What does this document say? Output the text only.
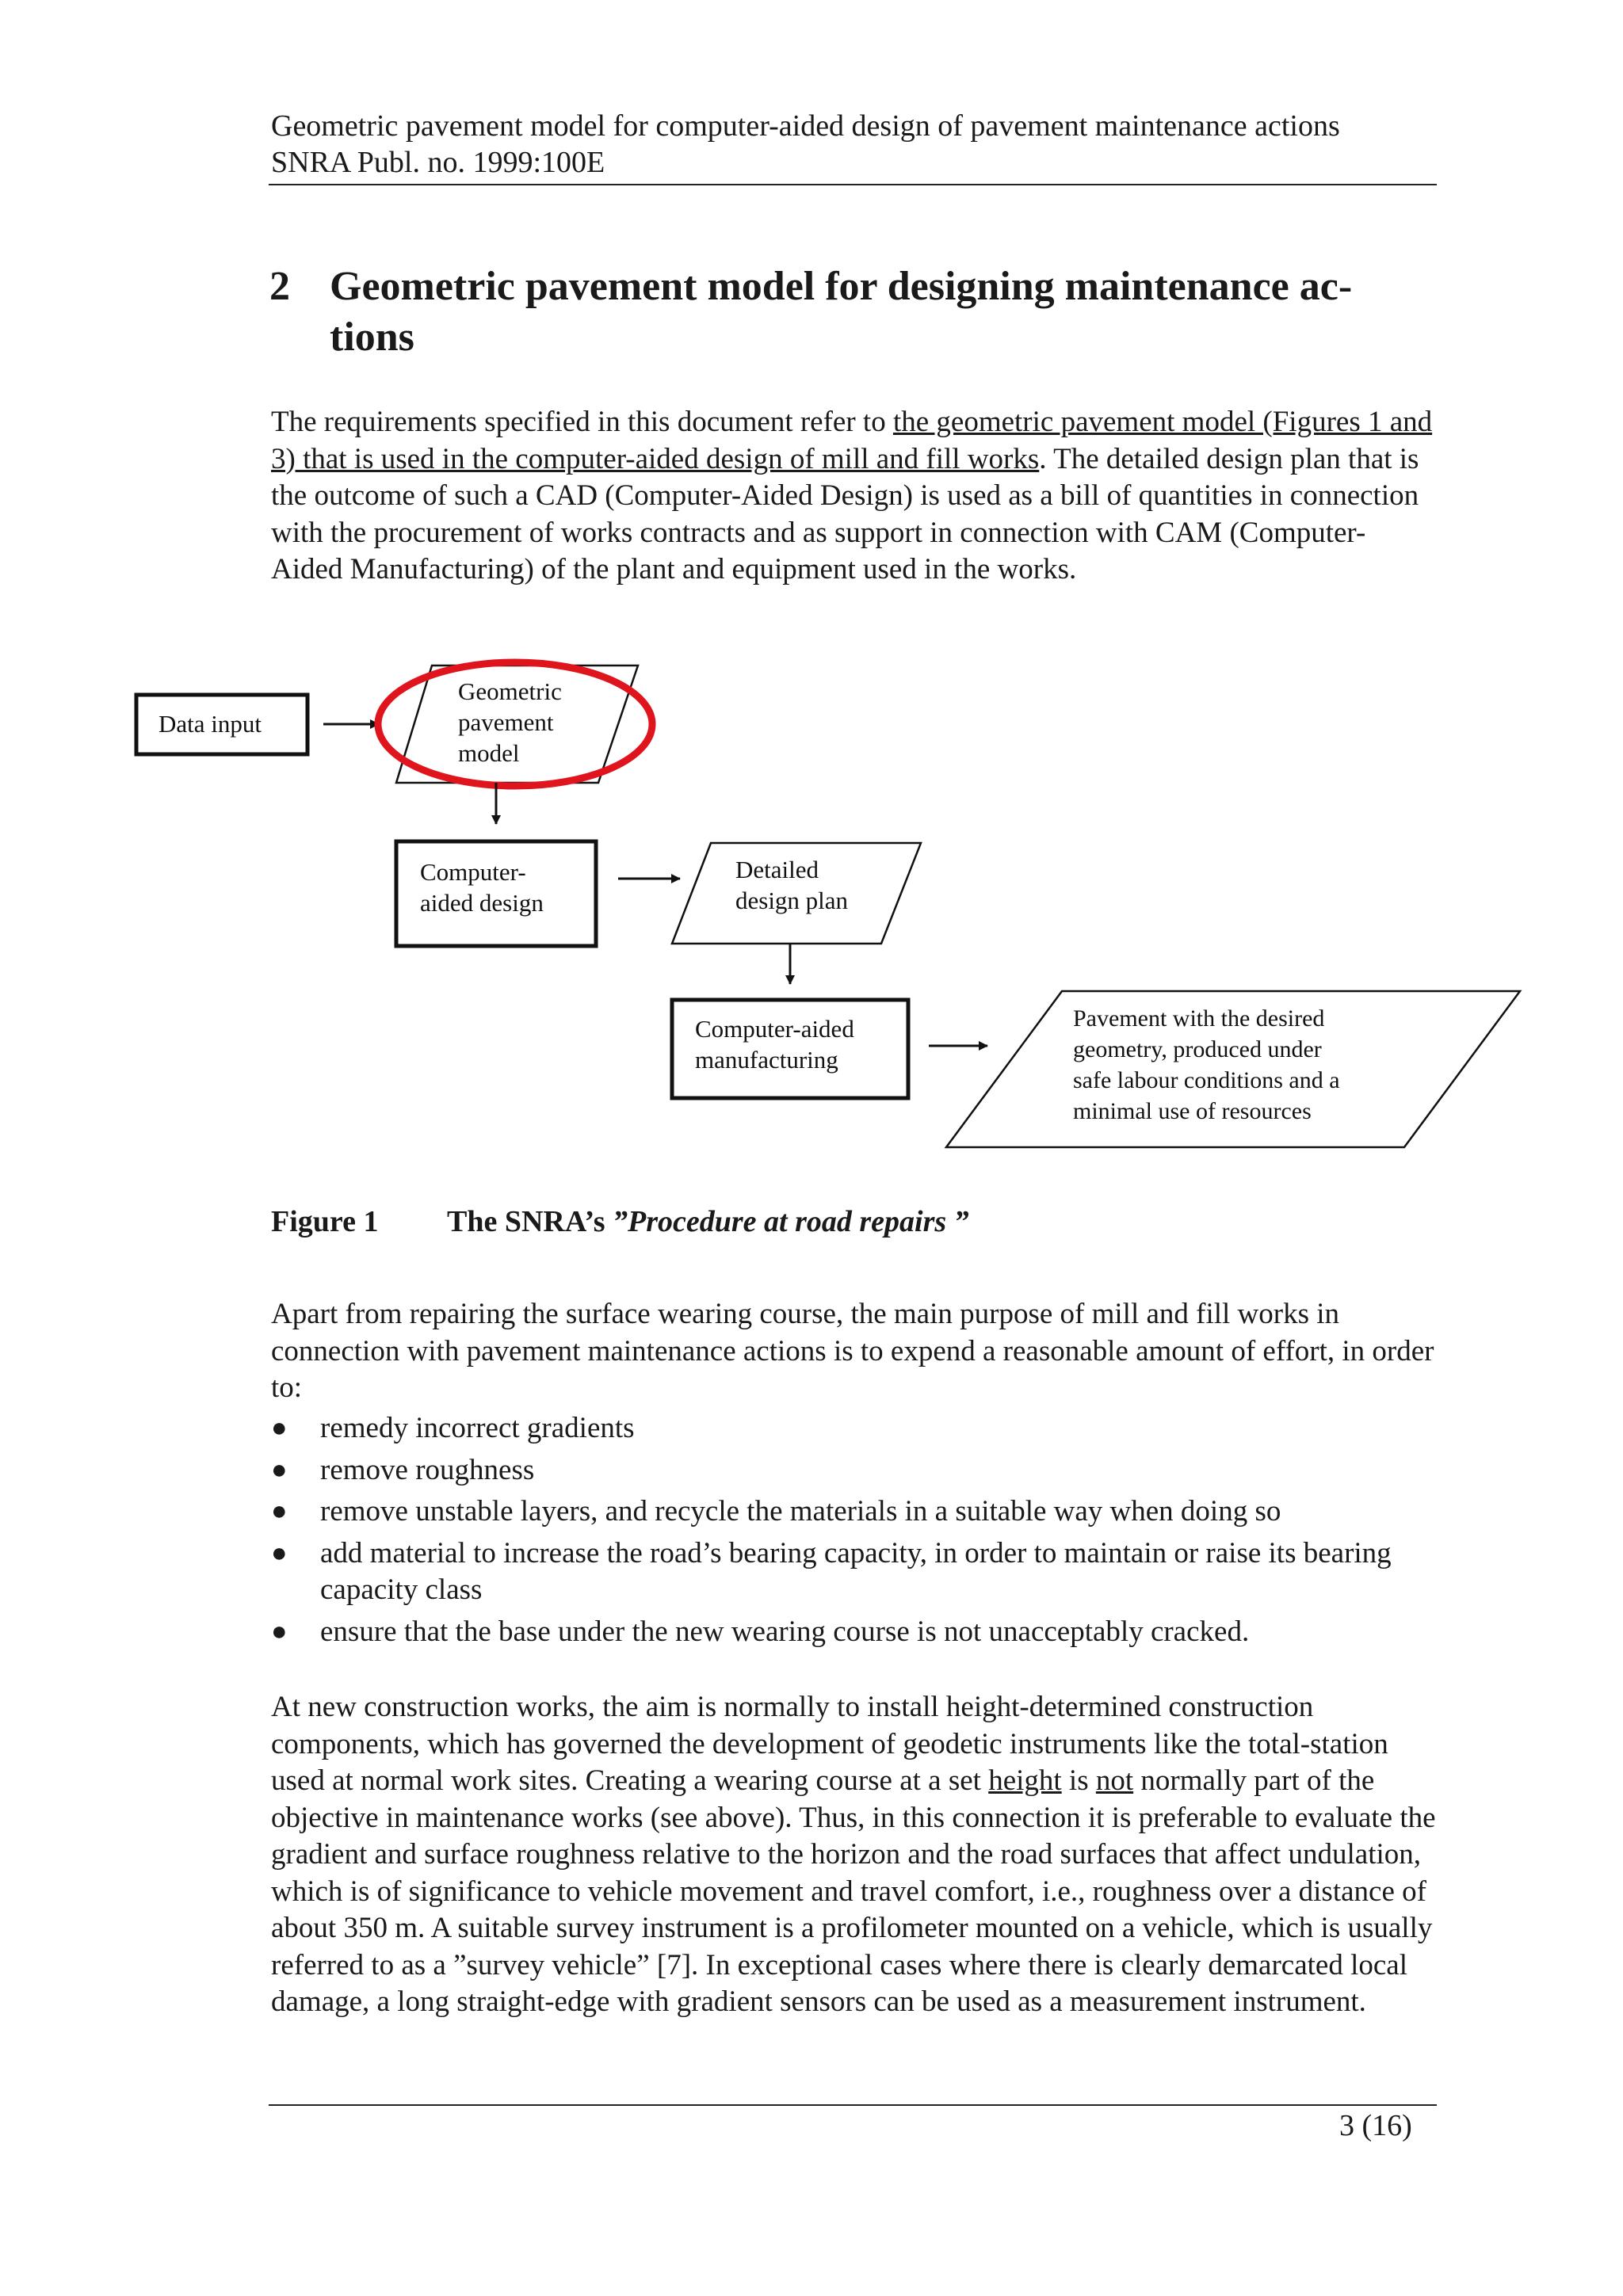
Geometric pavement model for computer-aided design of pavement maintenance actions
SNRA Publ. no. 1999:100E
2 Geometric pavement model for designing maintenance ac-
tions
The requirements specified in this document refer to the geometric pavement model (Figures 1 and 3) that is used in the computer-aided design of mill and fill works. The detailed design plan that is the outcome of such a CAD (Computer-Aided Design) is used as a bill of quantities in connection with the procurement of works contracts and as support in connection with CAM (Computer-Aided Manufacturing) of the plant and equipment used in the works.
Data input
Geometric pavement model
Computer- aided design
Detailed design plan
Computer-aided manufacturing
Pavement with the desired geometry, produced under safe labour conditions and a minimal use of resources
Figure 1 The SNRA’s ”Procedure at road repairs ”
Apart from repairing the surface wearing course, the main purpose of mill and fill works in connection with pavement maintenance actions is to expend a reasonable amount of effort, in order to:
● remedy incorrect gradients
● remove roughness
● remove unstable layers, and recycle the materials in a suitable way when doing so
● add material to increase the road’s bearing capacity, in order to maintain or raise its bearing capacity class
● ensure that the base under the new wearing course is not unacceptably cracked.
At new construction works, the aim is normally to install height-determined construction components, which has governed the development of geodetic instruments like the total-station used at normal work sites. Creating a wearing course at a set height is not normally part of the objective in maintenance works (see above). Thus, in this connection it is preferable to evaluate the gradient and surface roughness relative to the horizon and the road surfaces that affect undulation, which is of significance to vehicle movement and travel comfort, i.e., roughness over a distance of about 350 m. A suitable survey instrument is a profilometer mounted on a vehicle, which is usually referred to as a ”survey vehicle” [7]. In exceptional cases where there is clearly demarcated local damage, a long straight-edge with gradient sensors can be used as a measurement instrument.
3 (16)
